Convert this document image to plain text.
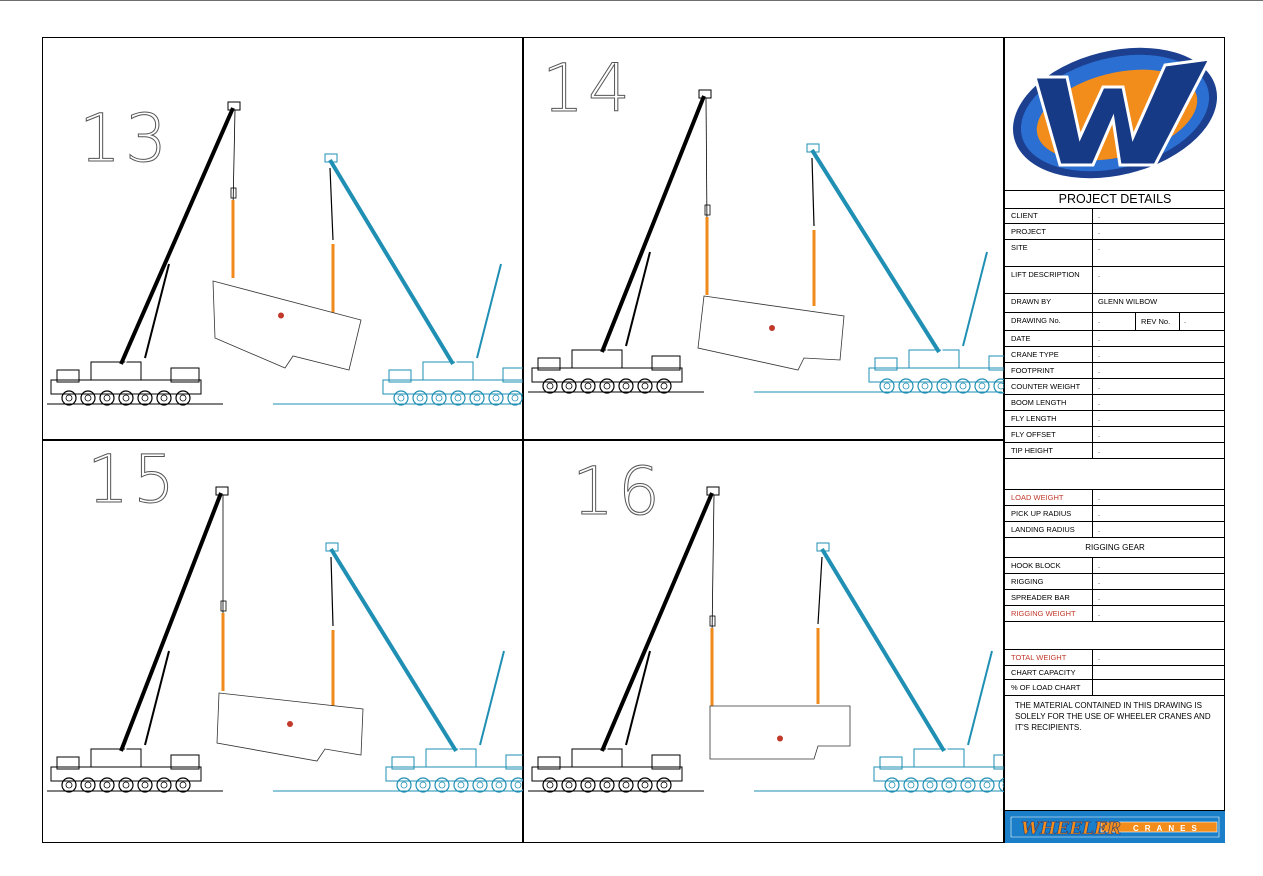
13
14
15	16
PROJECT DETAILS
CLIENT	.
PROJECT	.
SITE	.
LIFT DESCRIPTION .
DRAWN BY	GLENN WILBOW
DRAWING No.	.	REV No. .
DATE	.
CRANE TYPE	.
FOOTPRINT	.
COUNTER WEIGHT .
BOOM LENGTH	.
FLY LENGTH	.
FLY OFFSET	.
TIP HEIGHT	.
LOAD WEIGHT	.
PICK UP RADIUS	.
LANDING RADIUS	.
RIGGING GEAR
HOOK BLOCK	.
RIGGING	.
SPREADER BAR	.
RIGGING WEIGHT	.
TOTAL WEIGHT	.
CHART CAPACITY
% OF LOAD CHART
THE MATERIAL CONTAINED IN THIS DRAWING IS SOLELY FOR THE USE OF WHEELER CRANES AND IT'S RECIPIENTS.
WHEELER CRANES
